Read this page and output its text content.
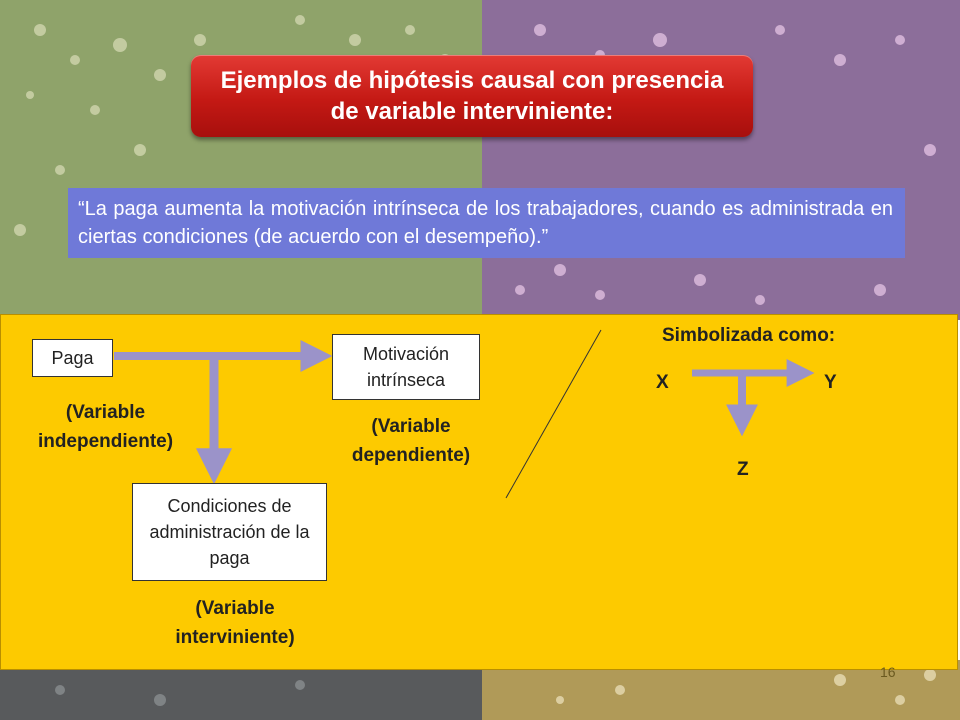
Ejemplos de hipótesis causal con presencia de variable interviniente:
“La paga aumenta la motivación intrínseca de los trabajadores, cuando es administrada en ciertas condiciones (de acuerdo con el desempeño).”
Paga	Motivación intrínseca
Condiciones de administración de la paga
(Variable independiente)
(Variable dependiente)
(Variable interviniente)
Simbolizada como:
X	Y
Z
16
